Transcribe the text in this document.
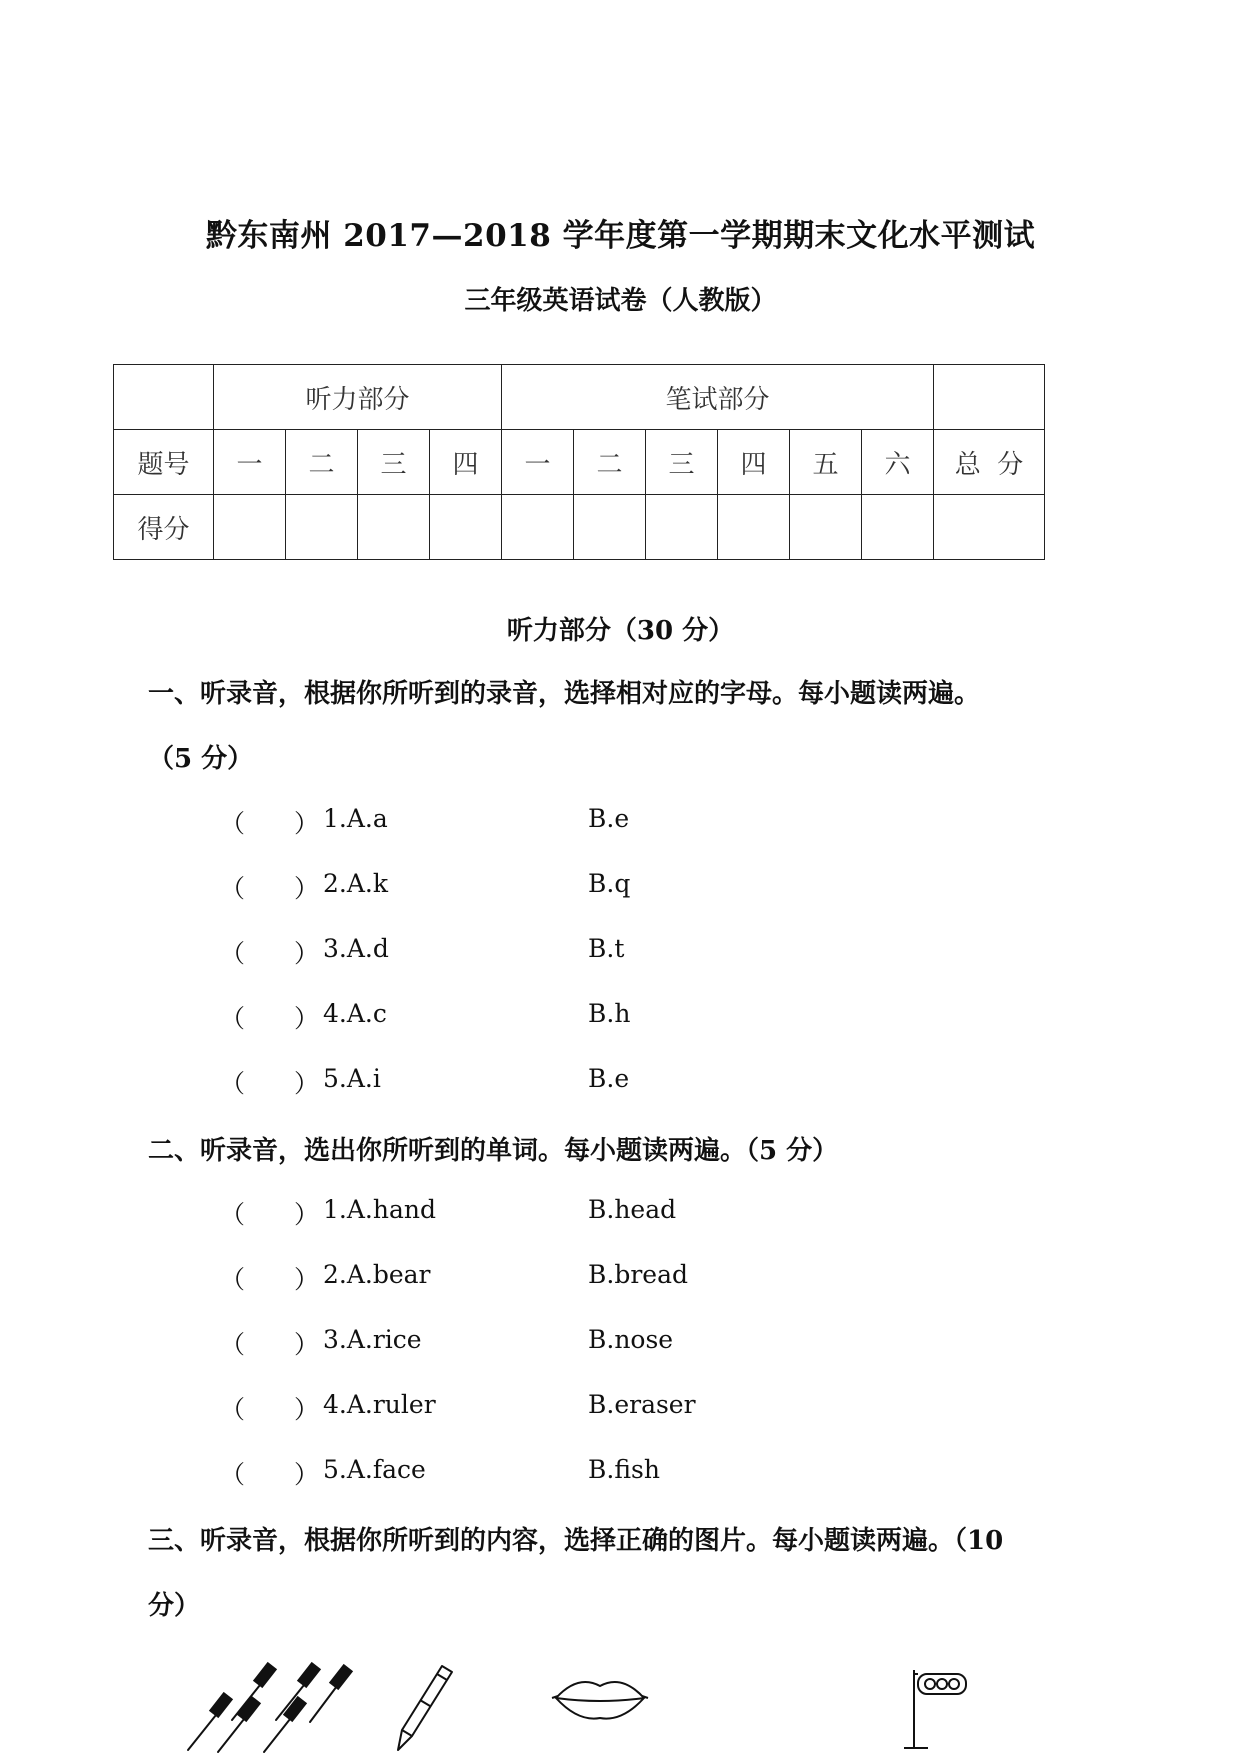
黔东南州 2017—2018 学年度第一学期期末文化水平测试
三年级英语试卷（人教版）
	听力部分				笔试部分						
题号	一	二	三	四	一	二	三	四	五	六	总  分
得分											
听力部分（30 分）
一、听录音，根据你所听到的录音，选择相对应的字母。每小题读两遍。
（5 分）
（ ） 1.A.a	B.e
（ ） 2.A.k	B.q
（ ） 3.A.d	B.t
（ ） 4.A.c	B.h
（ ） 5.A.i	B.e
二、听录音，选出你所听到的单词。每小题读两遍。（5 分）
（ ） 1.A.hand	B.head
（ ） 2.A.bear	B.bread
（ ） 3.A.rice	B.nose
（ ） 4.A.ruler	B.eraser
（ ） 5.A.face	B.fish
三、听录音，根据你所听到的内容，选择正确的图片。每小题读两遍。（10
分）
